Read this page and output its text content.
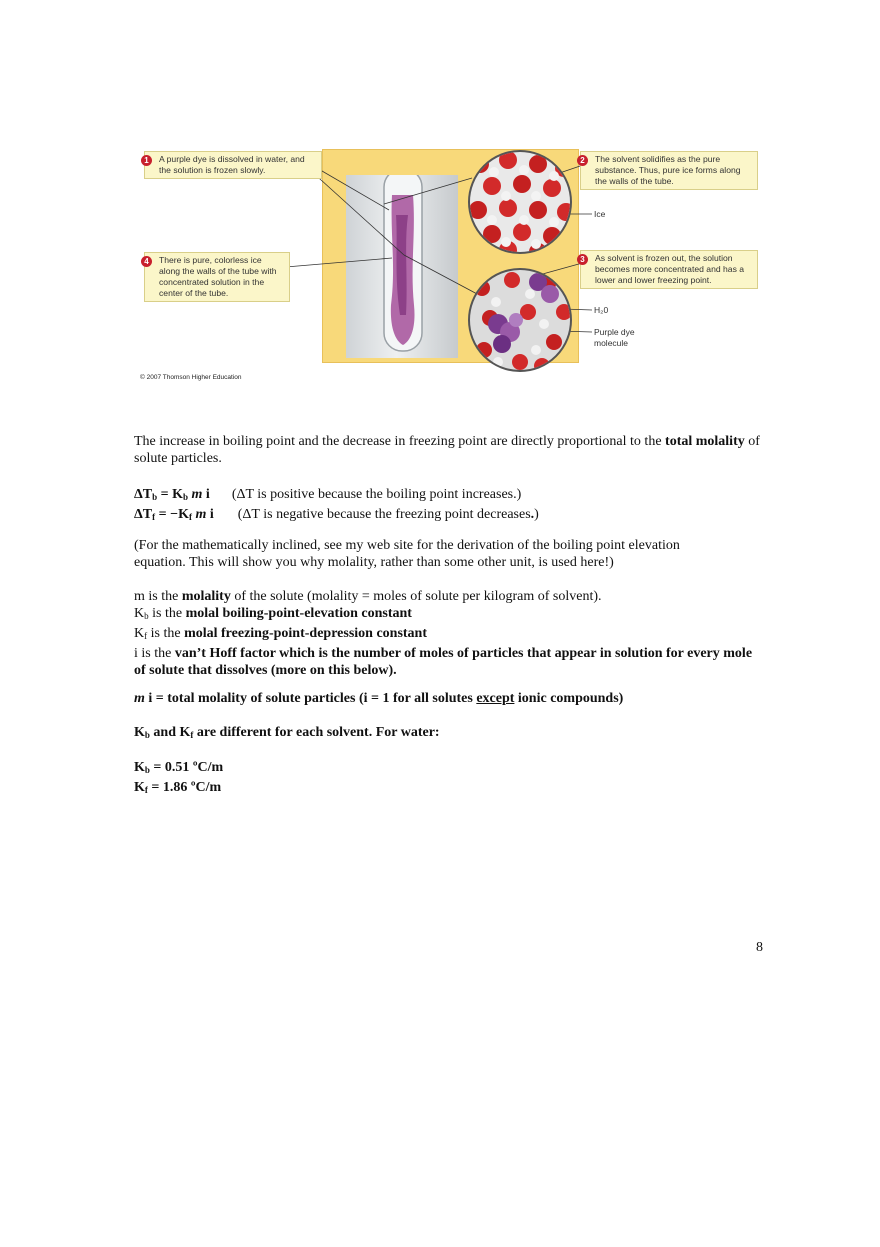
1	A purple dye is dissolved in water, and the solution is frozen slowly.
4	There is pure, colorless ice along the walls of the tube with concentrated solution in the center of the tube.
2	The solvent solidifies as the pure substance. Thus, pure ice forms along the walls of the tube.
3	As solvent is frozen out, the solution becomes more concentrated and has a lower and lower freezing point.
Ice
H₂0
Purple dye molecule
© 2007 Thomson Higher Education

The increase in boiling point and the decrease in freezing point are directly proportional to the total molality of solute particles.

$\Delta T_b = K_b$ m i (ΔT is positive because the boiling point increases.)

$\Delta T_f = -K_f$ m i (ΔT is negative because the freezing point decreases.)

(For the mathematically inclined, see my web site for the derivation of the boiling point elevation equation. This will show you why molality, rather than some other unit, is used here!)

m is the molality of the solute (molality = moles of solute per kilogram of solvent).

$K_b$ is the molal boiling-point-elevation constant

$K_f$ is the molal freezing-point-depression constant

i is the van’t Hoff factor which is the number of moles of particles that appear in solution for every mole of solute that dissolves (more on this below).

m i = total molality of solute particles (i = 1 for all solutes except ionic compounds)

$K_b$ and $K_f$ are different for each solvent. For water:

$K_b = 0.51$ ºC/m

$K_f = 1.86$ ºC/m

8
